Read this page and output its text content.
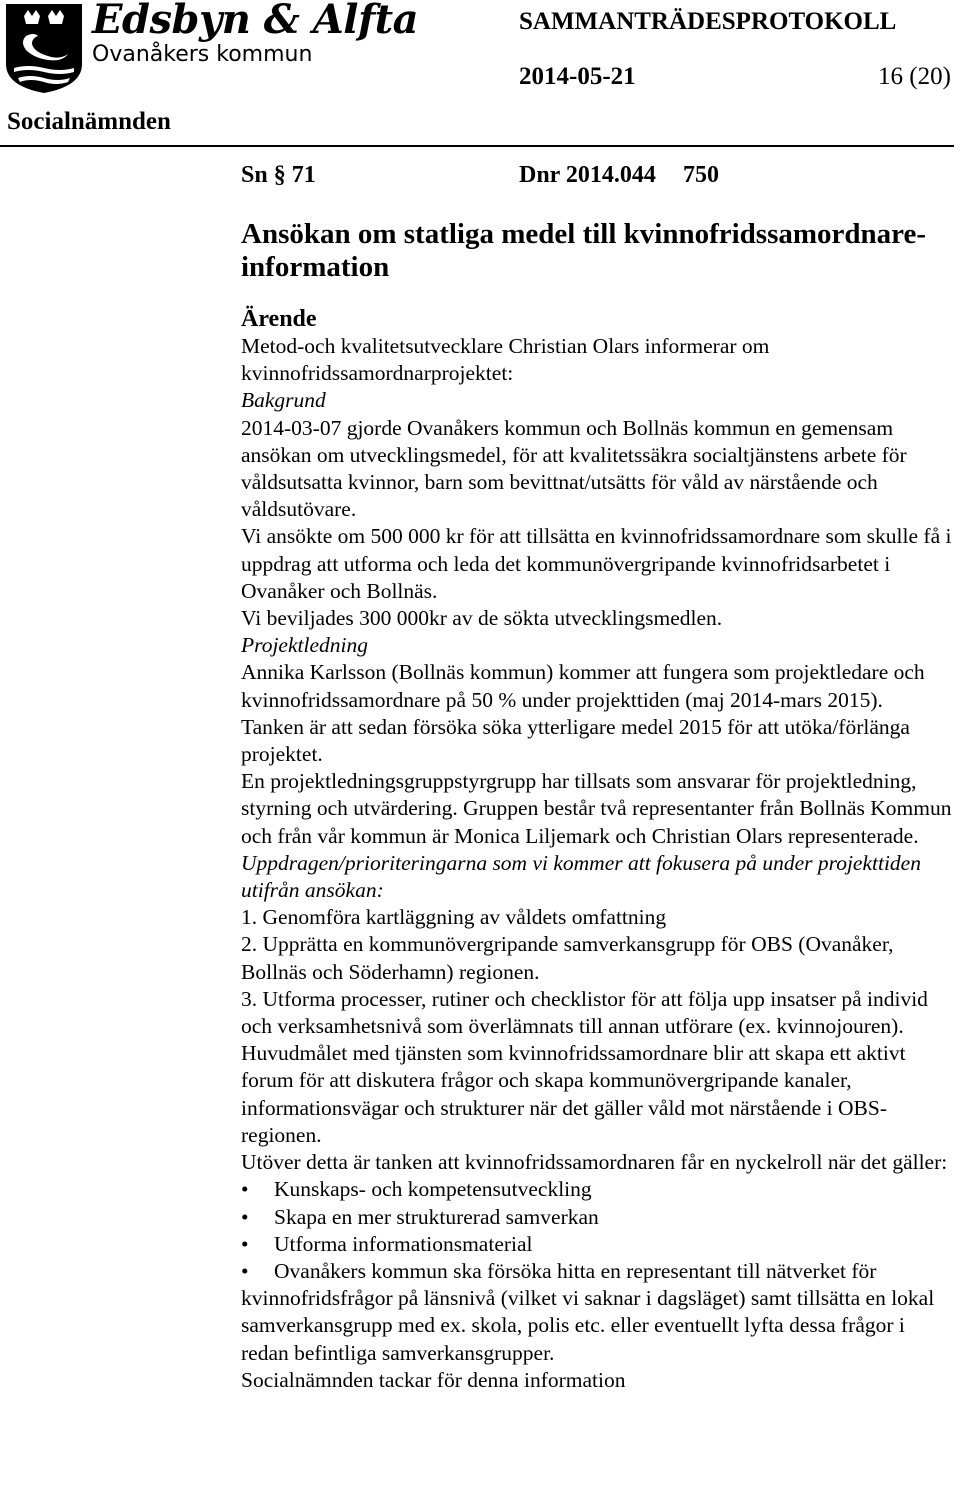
Edsbyn & Alfta
Ovanåkers kommun
SAMMANTRÄDESPROTOKOLL
2014-05-21	16 (20)
Socialnämnden
Sn § 71	Dnr 2014.044 750
Ansökan om statliga medel till kvinnofridssamordnare-information
Ärende

Metod-och kvalitetsutvecklare Christian Olars informerar om kvinnofridssamordnarprojektet:

Bakgrund

2014-03-07 gjorde Ovanåkers kommun och Bollnäs kommun en gemensam ansökan om utvecklingsmedel, för att kvalitetssäkra socialtjänstens arbete för våldsutsatta kvinnor, barn som bevittnat/utsätts för våld av närstående och våldsutövare.

Vi ansökte om 500 000 kr för att tillsätta en kvinnofridssamordnare som skulle få i uppdrag att utforma och leda det kommunövergripande kvinnofridsarbetet i Ovanåker och Bollnäs.

Vi beviljades 300 000kr av de sökta utvecklingsmedlen.

Projektledning

Annika Karlsson (Bollnäs kommun) kommer att fungera som projektledare och kvinnofridssamordnare på 50 % under projekttiden (maj 2014-mars 2015).

Tanken är att sedan försöka söka ytterligare medel 2015 för att utöka/förlänga projektet.

En projektledningsgruppstyrgrupp har tillsats som ansvarar för projektledning, styrning och utvärdering. Gruppen består två representanter från Bollnäs Kommun och från vår kommun är Monica Liljemark och Christian Olars representerade.

Uppdragen/prioriteringarna som vi kommer att fokusera på under projekttiden utifrån ansökan:

1. Genomföra kartläggning av våldets omfattning

2. Upprätta en kommunövergripande samverkansgrupp för OBS (Ovanåker, Bollnäs och Söderhamn) regionen.

3. Utforma processer, rutiner och checklistor för att följa upp insatser på individ och verksamhetsnivå som överlämnats till annan utförare (ex. kvinnojouren).

Huvudmålet med tjänsten som kvinnofridssamordnare blir att skapa ett aktivt forum för att diskutera frågor och skapa kommunövergripande kanaler, informationsvägar och strukturer när det gäller våld mot närstående i OBS-regionen.

Utöver detta är tanken att kvinnofridssamordnaren får en nyckelroll när det gäller:

•	Kunskaps- och kompetensutveckling

•	Skapa en mer strukturerad samverkan

•	Utforma informationsmaterial

•	Ovanåkers kommun ska försöka hitta en representant till nätverket för

kvinnofridsfrågor på länsnivå (vilket vi saknar i dagsläget) samt tillsätta en lokal samverkansgrupp med ex. skola, polis etc. eller eventuellt lyfta dessa frågor i redan befintliga samverkansgrupper.

Socialnämnden tackar för denna information
